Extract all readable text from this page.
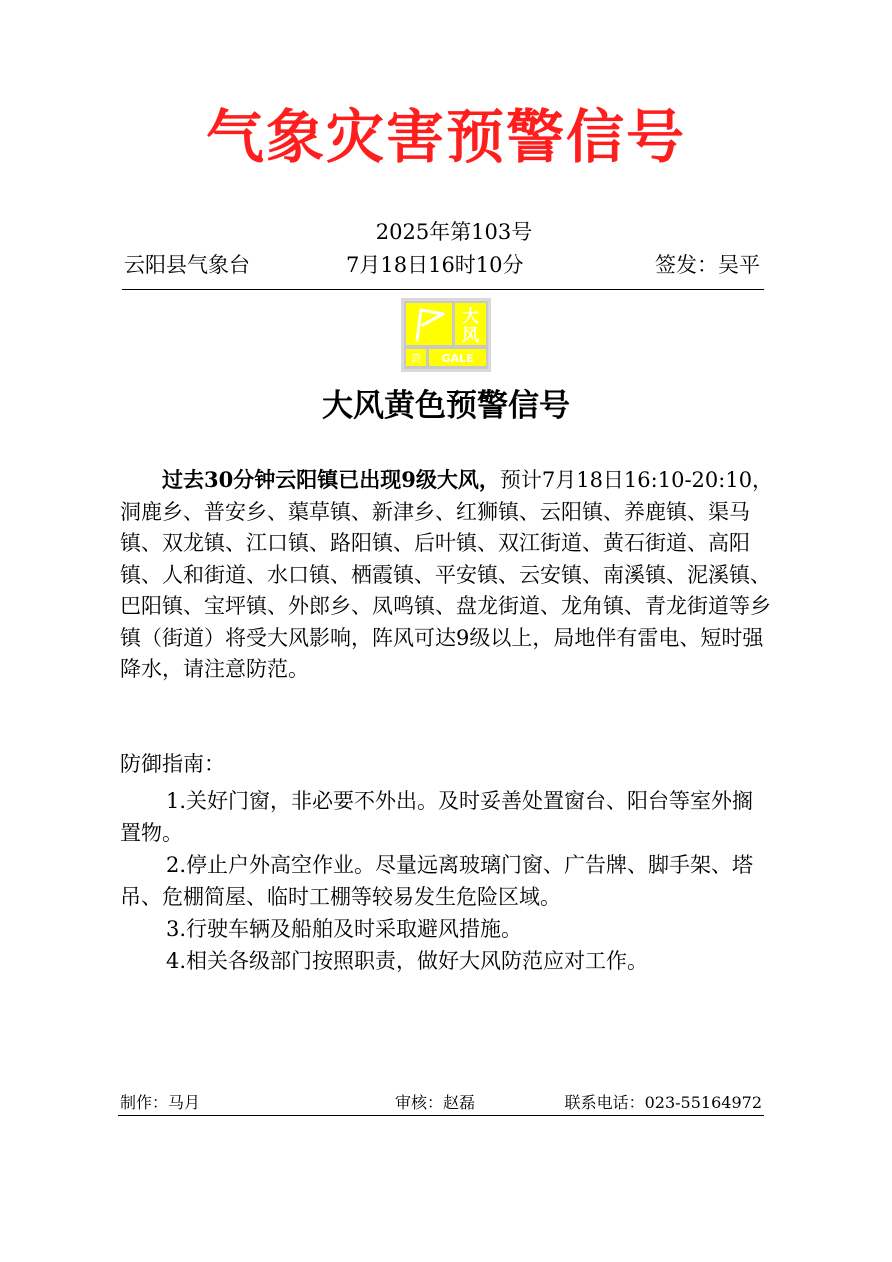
气象灾害预警信号
2025年第103号
云阳县气象台	7月18日16时10分	签发：吴平
大
风
黄 GALE
大风黄色预警信号

过去30分钟云阳镇已出现9级大风，预计7月18日16:10-20:10，洞鹿乡、普安乡、蕖草镇、新津乡、红狮镇、云阳镇、养鹿镇、渠马镇、双龙镇、江口镇、路阳镇、后叶镇、双江街道、黄石街道、高阳镇、人和街道、水口镇、栖霞镇、平安镇、云安镇、南溪镇、泥溪镇、巴阳镇、宝坪镇、外郎乡、凤鸣镇、盘龙街道、龙角镇、青龙街道等乡镇（街道）将受大风影响，阵风可达9级以上，局地伴有雷电、短时强降水，请注意防范。

防御指南：

1.关好门窗，非必要不外出。及时妥善处置窗台、阳台等室外搁置物。

2.停止户外高空作业。尽量远离玻璃门窗、广告牌、脚手架、塔吊、危棚简屋、临时工棚等较易发生危险区域。

3.行驶车辆及船舶及时采取避风措施。

4.相关各级部门按照职责，做好大风防范应对工作。

制作：马月	审核：赵磊	联系电话：023-55164972
